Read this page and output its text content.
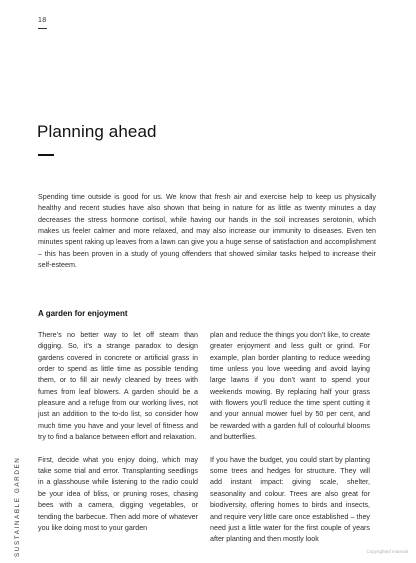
18
Planning ahead

Spending time outside is good for us. We know that fresh air and exercise help to keep us physically healthy and recent studies have also shown that being in nature for as little as twenty minutes a day decreases the stress hormone cortisol, while having our hands in the soil increases serotonin, which makes us feeler calmer and more relaxed, and may also increase our immunity to diseases. Even ten minutes spent raking up leaves from a lawn can give you a huge sense of satisfaction and accomplishment – this has been proven in a study of young offenders that showed similar tasks helped to increase their self-esteem.

A garden for enjoyment

There’s no better way to let off steam than digging. So, it’s a strange paradox to design gardens covered in concrete or artificial grass in order to spend as little time as possible tending them, or to fill air newly cleaned by trees with fumes from leaf blowers. A garden should be a pleasure and a refuge from our working lives, not just an addition to the to-do list, so consider how much time you have and your level of fitness and try to find a balance between effort and relaxation.

First, decide what you enjoy doing, which may take some trial and error. Transplanting seedlings in a glasshouse while listening to the radio could be your idea of bliss, or pruning roses, chasing bees with a camera, digging vegetables, or tending the barbecue. Then add more of whatever you like doing most to your garden

plan and reduce the things you don’t like, to create greater enjoyment and less guilt or grind. For example, plan border planting to reduce weeding time unless you love weeding and avoid laying large lawns if you don’t want to spend your weekends mowing. By replacing half your grass with flowers you’ll reduce the time spent cutting it and your annual mower fuel by 50 per cent, and be rewarded with a garden full of colourful blooms and butterflies.

If you have the budget, you could start by planting some trees and hedges for structure. They will add instant impact: giving scale, shelter, seasonality and colour. Trees are also great for biodiversity, offering homes to birds and insects, and require very little care once established – they need just a little water for the first couple of years after planting and then mostly look

SUSTAINABLE GARDEN	Copyrighted material
